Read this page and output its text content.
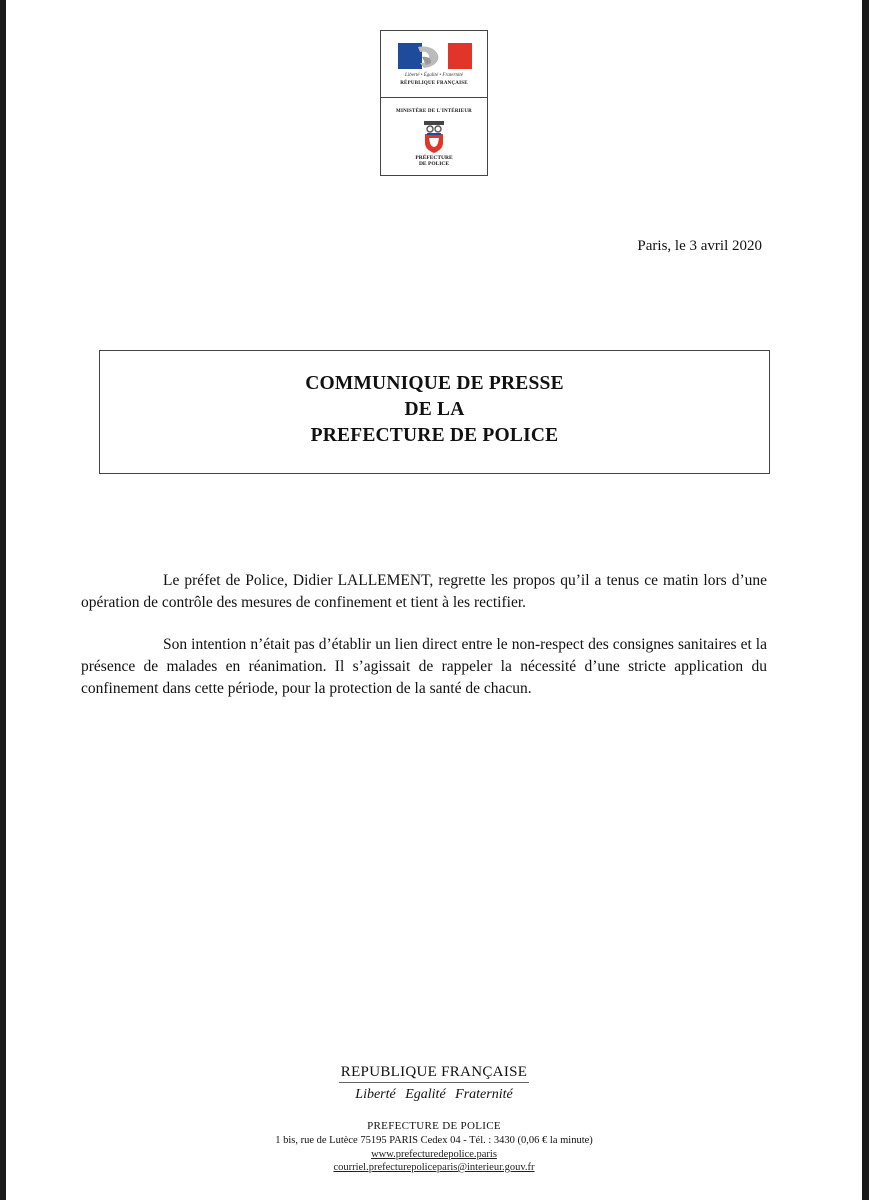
Liberté • Égalité • Fraternité
RÉPUBLIQUE FRANÇAISE
MINISTÈRE DE L'INTÉRIEUR
PRÉFECTURE
DE POLICE
Paris, le 3 avril 2020
COMMUNIQUE DE PRESSE
DE LA
PREFECTURE DE POLICE

Le préfet de Police, Didier LALLEMENT, regrette les propos qu’il a tenus ce matin lors d’une opération de contrôle des mesures de confinement et tient à les rectifier.

Son intention n’était pas d’établir un lien direct entre le non-respect des consignes sanitaires et la présence de malades en réanimation. Il s’agissait de rappeler la nécessité d’une stricte application du confinement dans cette période, pour la protection de la santé de chacun.

REPUBLIQUE FRANÇAISE
Liberté Egalité Fraternité
PREFECTURE DE POLICE
1 bis, rue de Lutèce 75195 PARIS Cedex 04 - Tél. : 3430 (0,06 € la minute)
www.prefecturedepolice.paris
courriel.prefecturepoliceparis@interieur.gouv.fr
